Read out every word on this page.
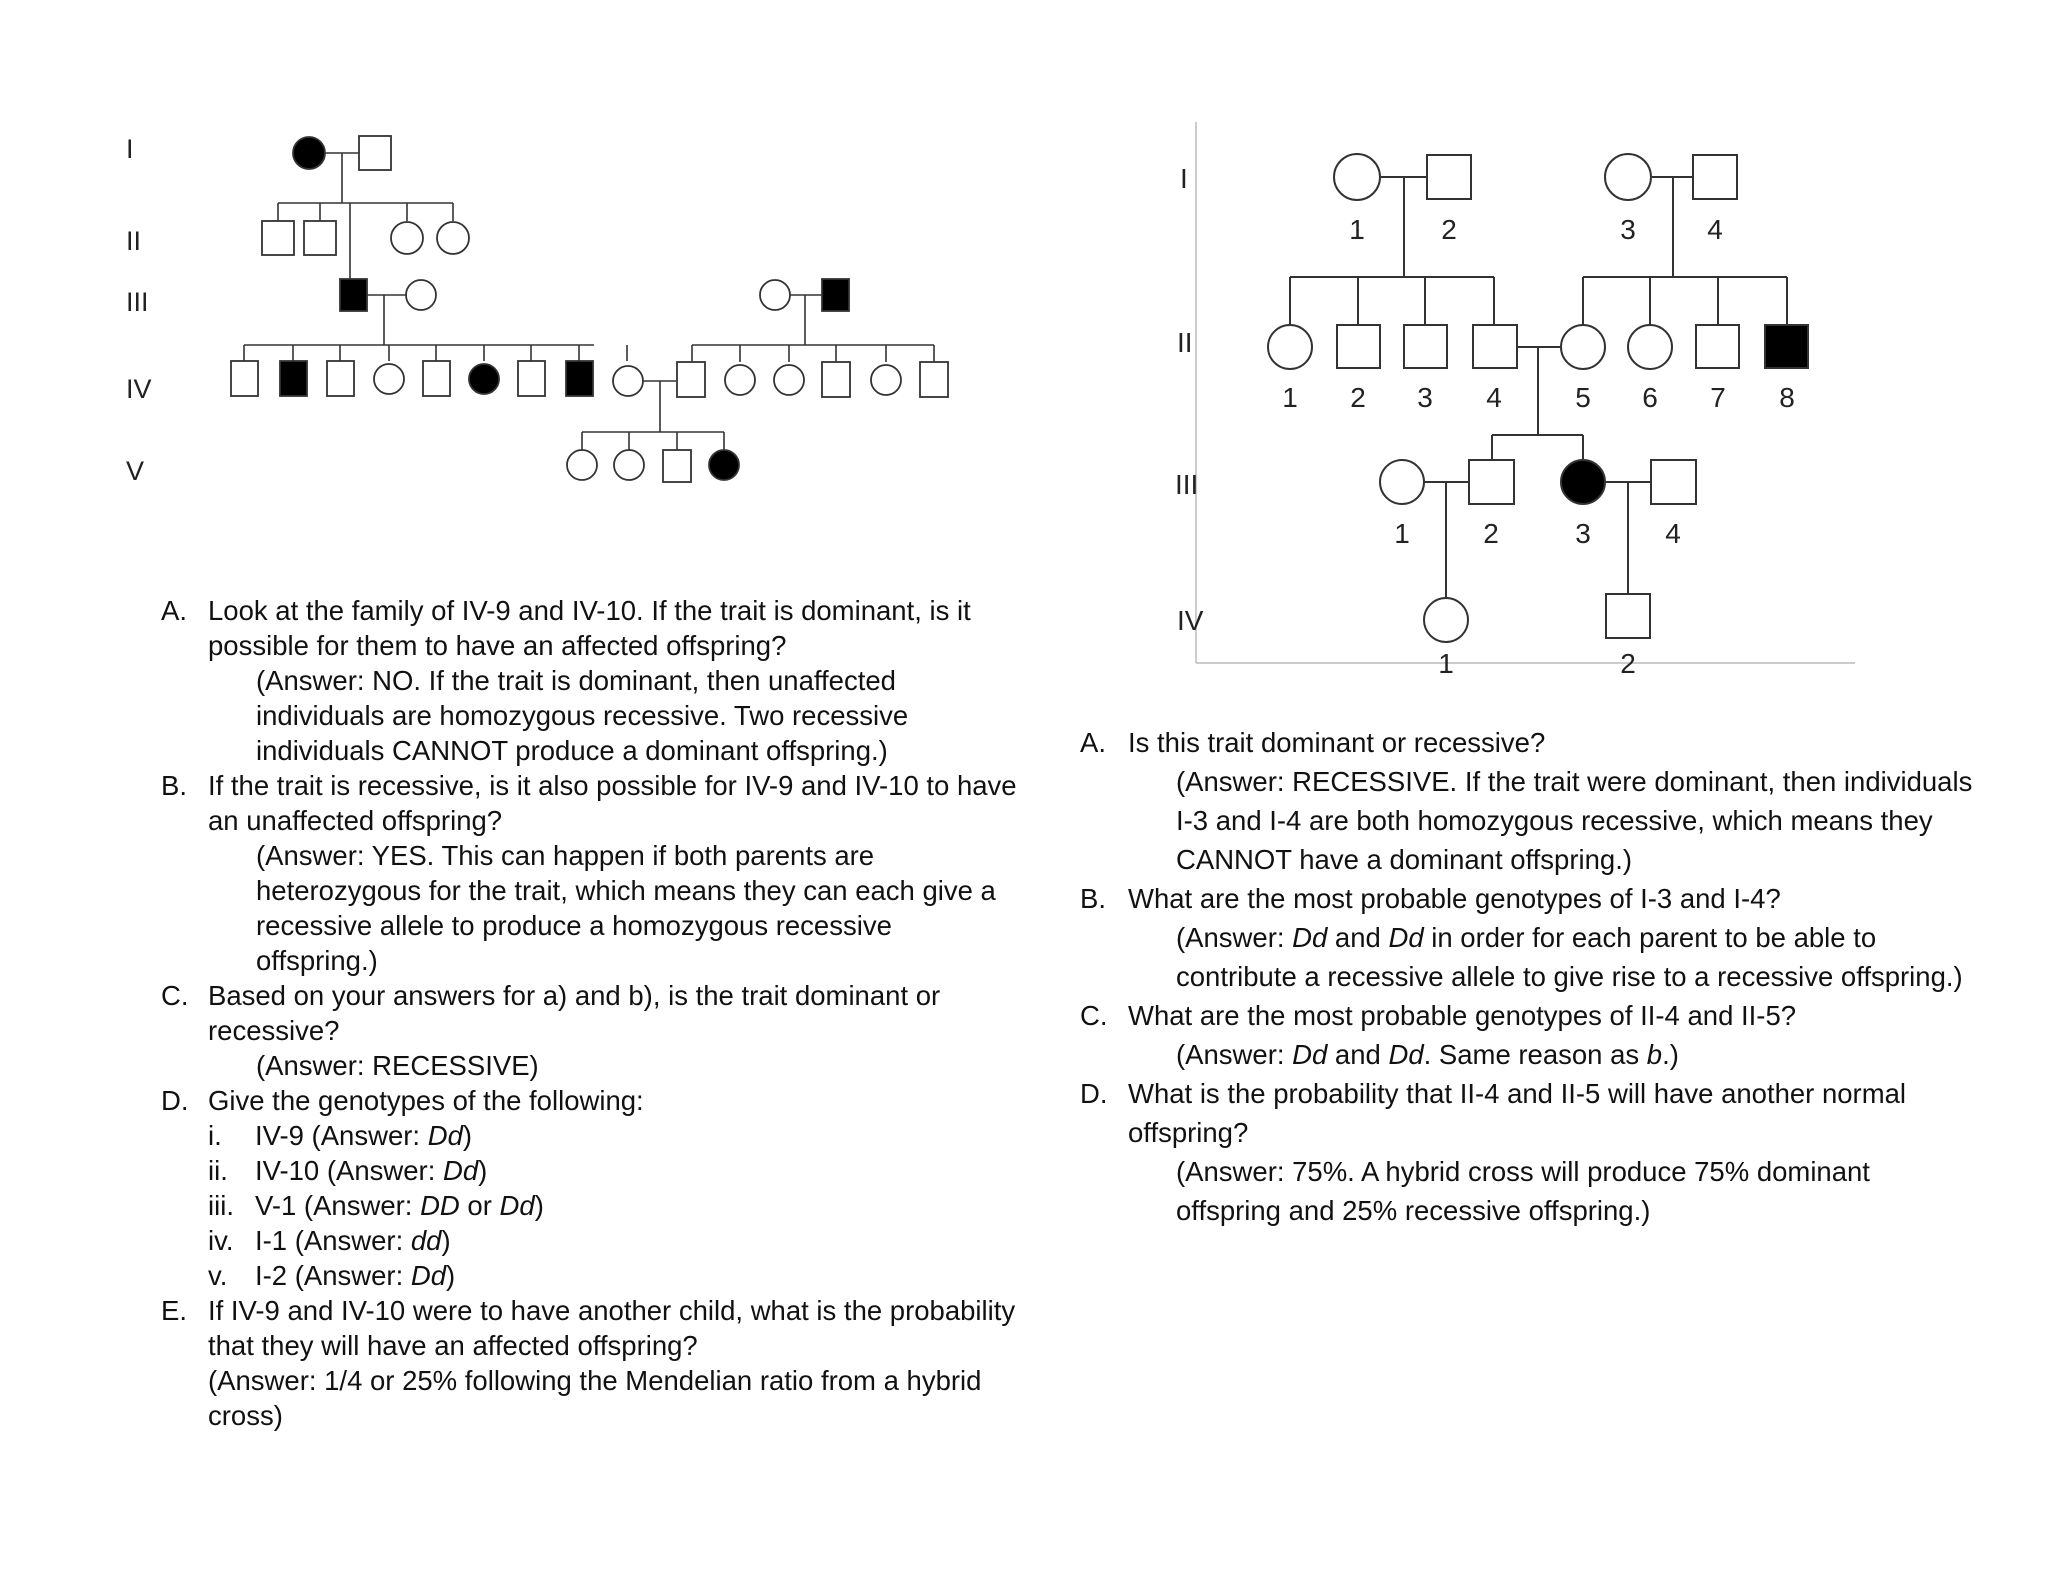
I
II
III
IV
V
I
II
III
IV
1	2	3	4
1 2 3 4	5 6 7 8
1	2	3	4
1	2
A. Look at the family of IV-9 and IV-10. If the trait is dominant, is it possible for them to have an affected offspring?
(Answer: NO. If the trait is dominant, then unaffected individuals are homozygous recessive. Two recessive individuals CANNOT produce a dominant offspring.)
B. If the trait is recessive, is it also possible for IV-9 and IV-10 to have an unaffected offspring?
(Answer: YES. This can happen if both parents are heterozygous for the trait, which means they can each give a recessive allele to produce a homozygous recessive offspring.)
C. Based on your answers for a) and b), is the trait dominant or recessive?
(Answer: RECESSIVE)
D. Give the genotypes of the following:
i. IV-9 (Answer: Dd)
ii. IV-10 (Answer: Dd)
iii. V-1 (Answer: DD or Dd)
iv. I-1 (Answer: dd)
v. I-2 (Answer: Dd)
E. If IV-9 and IV-10 were to have another child, what is the probability that they will have an affected offspring?
(Answer: 1/4 or 25% following the Mendelian ratio from a hybrid cross)
A. Is this trait dominant or recessive?
(Answer: RECESSIVE. If the trait were dominant, then individuals I-3 and I-4 are both homozygous recessive, which means they CANNOT have a dominant offspring.)
B. What are the most probable genotypes of I-3 and I-4?
(Answer: Dd and Dd in order for each parent to be able to contribute a recessive allele to give rise to a recessive offspring.)
C. What are the most probable genotypes of II-4 and II-5?
(Answer: Dd and Dd. Same reason as b.)
D. What is the probability that II-4 and II-5 will have another normal offspring?
(Answer: 75%. A hybrid cross will produce 75% dominant offspring and 25% recessive offspring.)
